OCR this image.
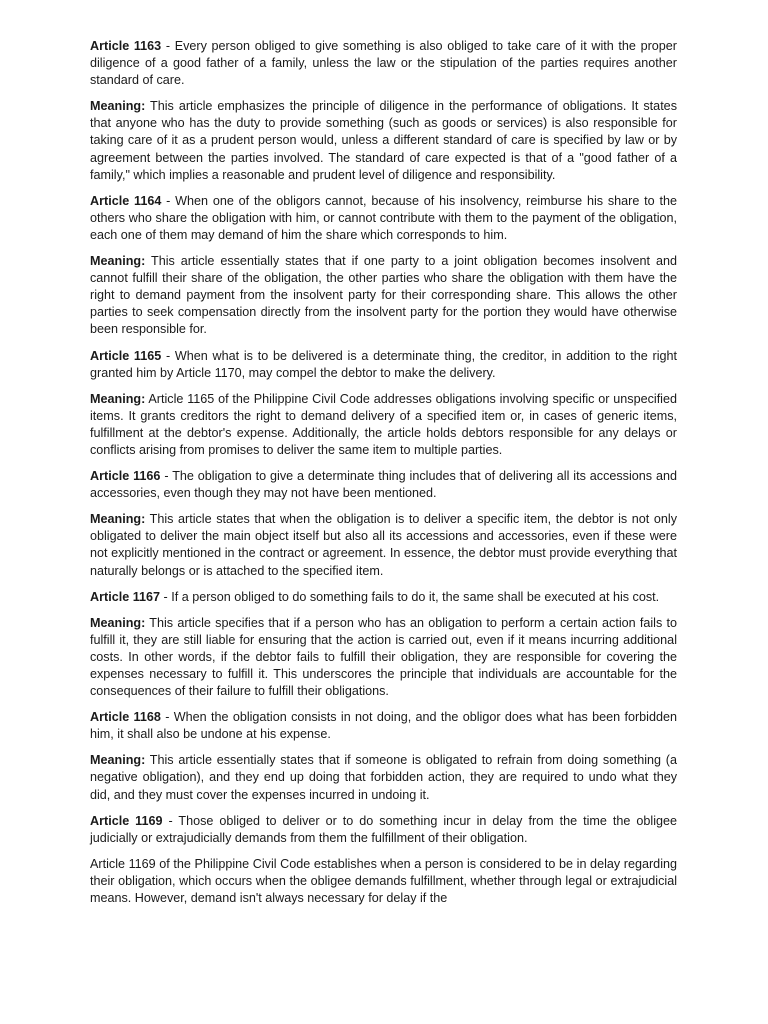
Article 1163 - Every person obliged to give something is also obliged to take care of it with the proper diligence of a good father of a family, unless the law or the stipulation of the parties requires another standard of care.

Meaning: This article emphasizes the principle of diligence in the performance of obligations. It states that anyone who has the duty to provide something (such as goods or services) is also responsible for taking care of it as a prudent person would, unless a different standard of care is specified by law or by agreement between the parties involved. The standard of care expected is that of a "good father of a family," which implies a reasonable and prudent level of diligence and responsibility.

Article 1164 - When one of the obligors cannot, because of his insolvency, reimburse his share to the others who share the obligation with him, or cannot contribute with them to the payment of the obligation, each one of them may demand of him the share which corresponds to him.

Meaning: This article essentially states that if one party to a joint obligation becomes insolvent and cannot fulfill their share of the obligation, the other parties who share the obligation with them have the right to demand payment from the insolvent party for their corresponding share. This allows the other parties to seek compensation directly from the insolvent party for the portion they would have otherwise been responsible for.

Article 1165 - When what is to be delivered is a determinate thing, the creditor, in addition to the right granted him by Article 1170, may compel the debtor to make the delivery.

Meaning: Article 1165 of the Philippine Civil Code addresses obligations involving specific or unspecified items. It grants creditors the right to demand delivery of a specified item or, in cases of generic items, fulfillment at the debtor's expense. Additionally, the article holds debtors responsible for any delays or conflicts arising from promises to deliver the same item to multiple parties.

Article 1166 - The obligation to give a determinate thing includes that of delivering all its accessions and accessories, even though they may not have been mentioned.

Meaning: This article states that when the obligation is to deliver a specific item, the debtor is not only obligated to deliver the main object itself but also all its accessions and accessories, even if these were not explicitly mentioned in the contract or agreement. In essence, the debtor must provide everything that naturally belongs or is attached to the specified item.

Article 1167 - If a person obliged to do something fails to do it, the same shall be executed at his cost.

Meaning: This article specifies that if a person who has an obligation to perform a certain action fails to fulfill it, they are still liable for ensuring that the action is carried out, even if it means incurring additional costs. In other words, if the debtor fails to fulfill their obligation, they are responsible for covering the expenses necessary to fulfill it. This underscores the principle that individuals are accountable for the consequences of their failure to fulfill their obligations.

Article 1168 - When the obligation consists in not doing, and the obligor does what has been forbidden him, it shall also be undone at his expense.

Meaning: This article essentially states that if someone is obligated to refrain from doing something (a negative obligation), and they end up doing that forbidden action, they are required to undo what they did, and they must cover the expenses incurred in undoing it.

Article 1169 - Those obliged to deliver or to do something incur in delay from the time the obligee judicially or extrajudicially demands from them the fulfillment of their obligation.

Article 1169 of the Philippine Civil Code establishes when a person is considered to be in delay regarding their obligation, which occurs when the obligee demands fulfillment, whether through legal or extrajudicial means. However, demand isn't always necessary for delay if the
